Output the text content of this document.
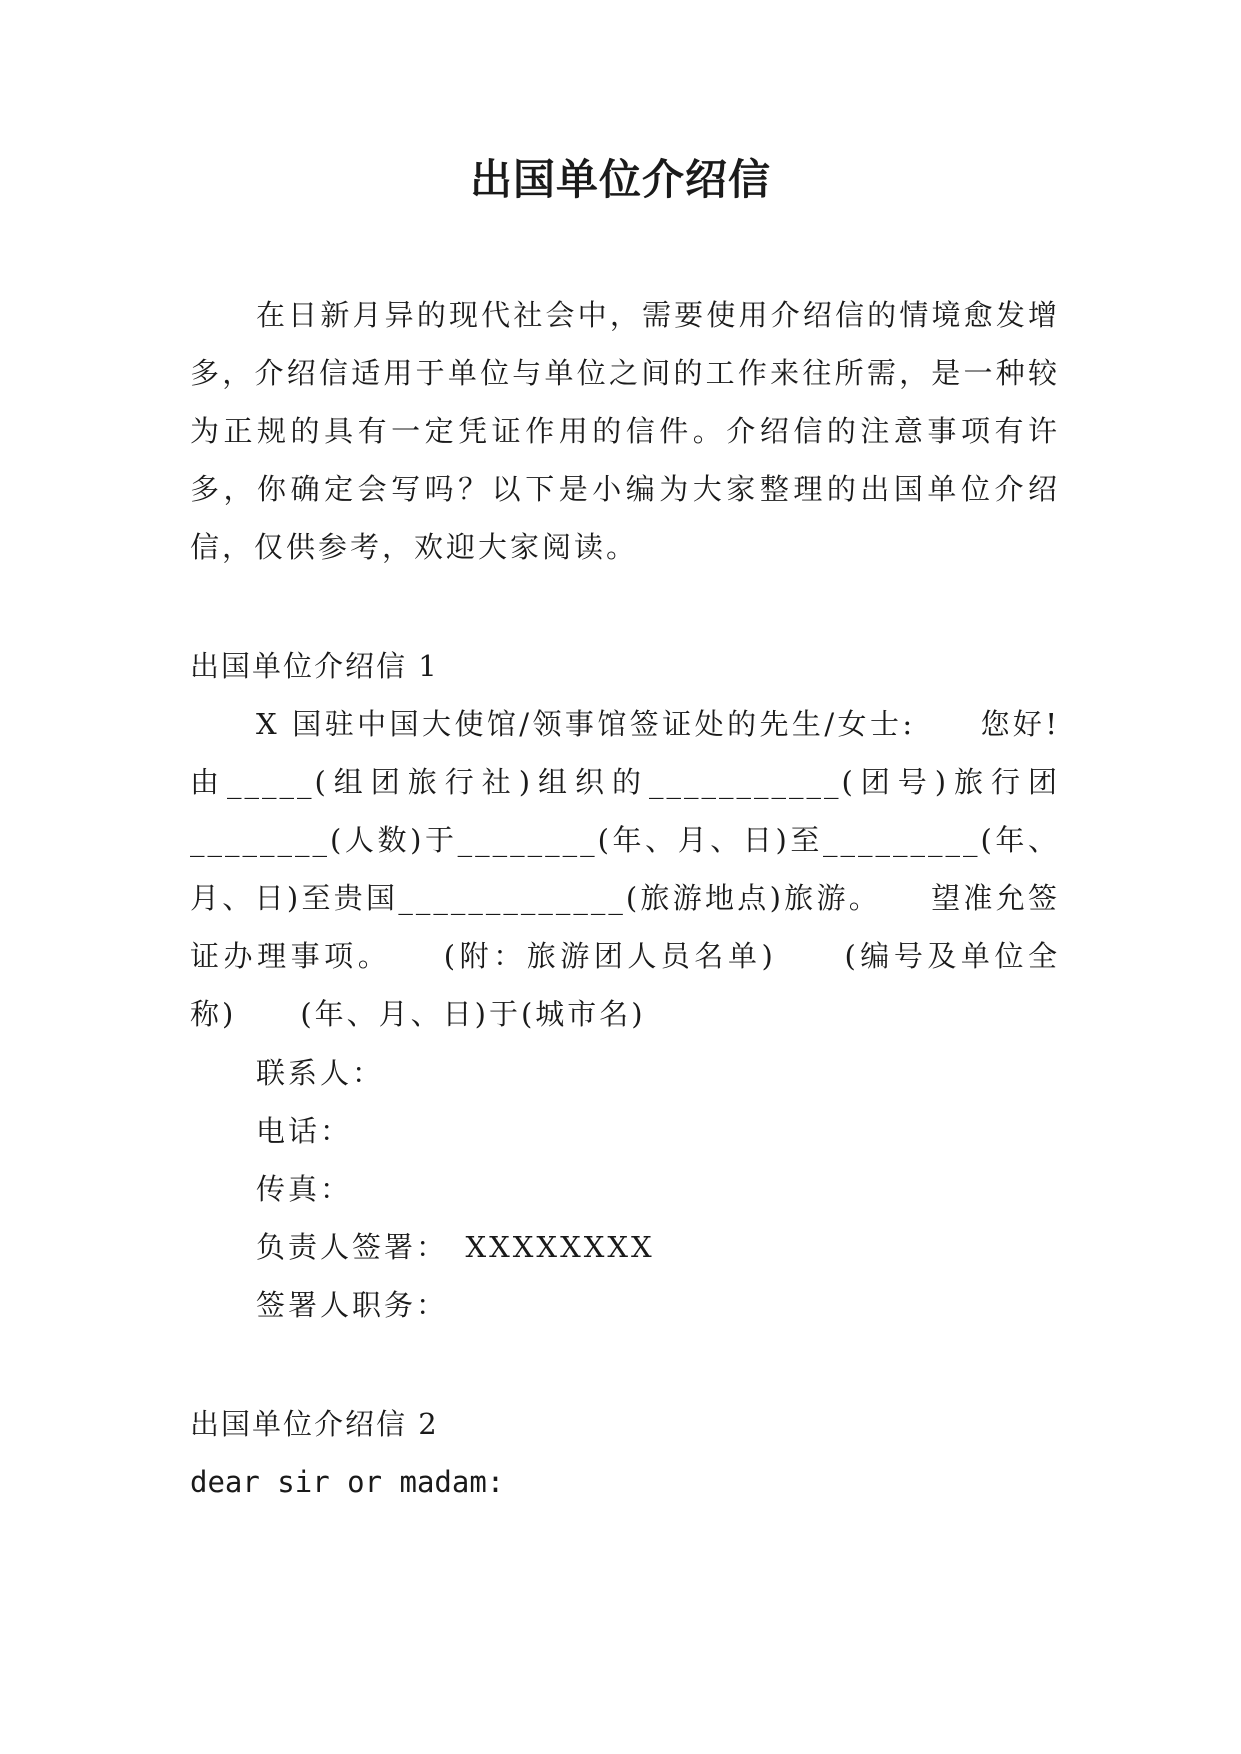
出国单位介绍信

在日新月异的现代社会中，需要使用介绍信的情境愈发增多，介绍信适用于单位与单位之间的工作来往所需，是一种较为正规的具有一定凭证作用的信件。介绍信的注意事项有许多，你确定会写吗？以下是小编为大家整理的出国单位介绍信，仅供参考，欢迎大家阅读。

出国单位介绍信 1

X 国驻中国大使馆/领事馆签证处的先生/女士:　　您好! 由_____(组团旅行社)组织的___________(团号)旅行团________(人数)于________(年、月、日)至_________(年、月、日)至贵国_____________(旅游地点)旅游。　　望准允签证办理事项。　　(附：旅游团人员名单)　　(编号及单位全称)　　(年、月、日)于(城市名)

联系人：
电话：
传真：
负责人签署：　XXXXXXXX
签署人职务：

出国单位介绍信 2

dear sir or madam:
